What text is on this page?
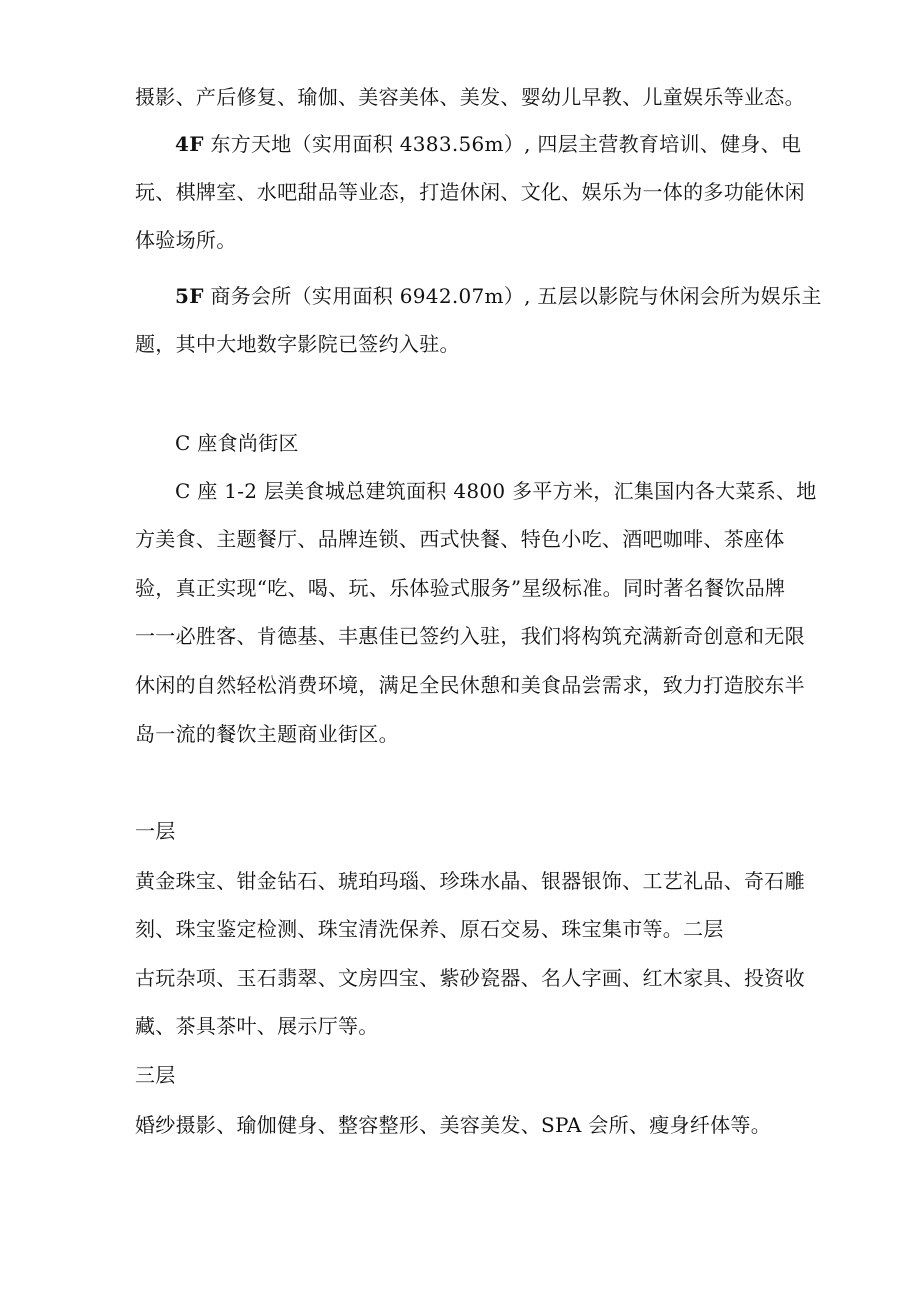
摄影、产后修复、瑜伽、美容美体、美发、婴幼儿早教、儿童娱乐等业态。
4F 东方天地（实用面积 4383.56m）, 四层主营教育培训、健身、电
玩、棋牌室、水吧甜品等业态，打造休闲、文化、娱乐为一体的多功能休闲
体验场所。
5F 商务会所（实用面积 6942.07m）, 五层以影院与休闲会所为娱乐主
题，其中大地数字影院已签约入驻。
C 座食尚街区
C 座 1-2 层美食城总建筑面积 4800 多平方米，汇集国内各大菜系、地
方美食、主题餐厅、品牌连锁、西式快餐、特色小吃、酒吧咖啡、茶座体
验，真正实现“吃、喝、玩、乐体验式服务”星级标准。同时著名餐饮品牌
一一必胜客、肯德基、丰惠佳已签约入驻，我们将构筑充满新奇创意和无限
休闲的自然轻松消费环境，满足全民休憩和美食品尝需求，致力打造胶东半
岛一流的餐饮主题商业街区。
一层
黄金珠宝、钳金钻石、琥珀玛瑙、珍珠水晶、银器银饰、工艺礼品、奇石雕
刻、珠宝鉴定检测、珠宝清洗保养、原石交易、珠宝集市等。二层
古玩杂项、玉石翡翠、文房四宝、紫砂瓷器、名人字画、红木家具、投资收
藏、茶具茶叶、展示厅等。
三层
婚纱摄影、瑜伽健身、整容整形、美容美发、SPA 会所、瘦身纤体等。
